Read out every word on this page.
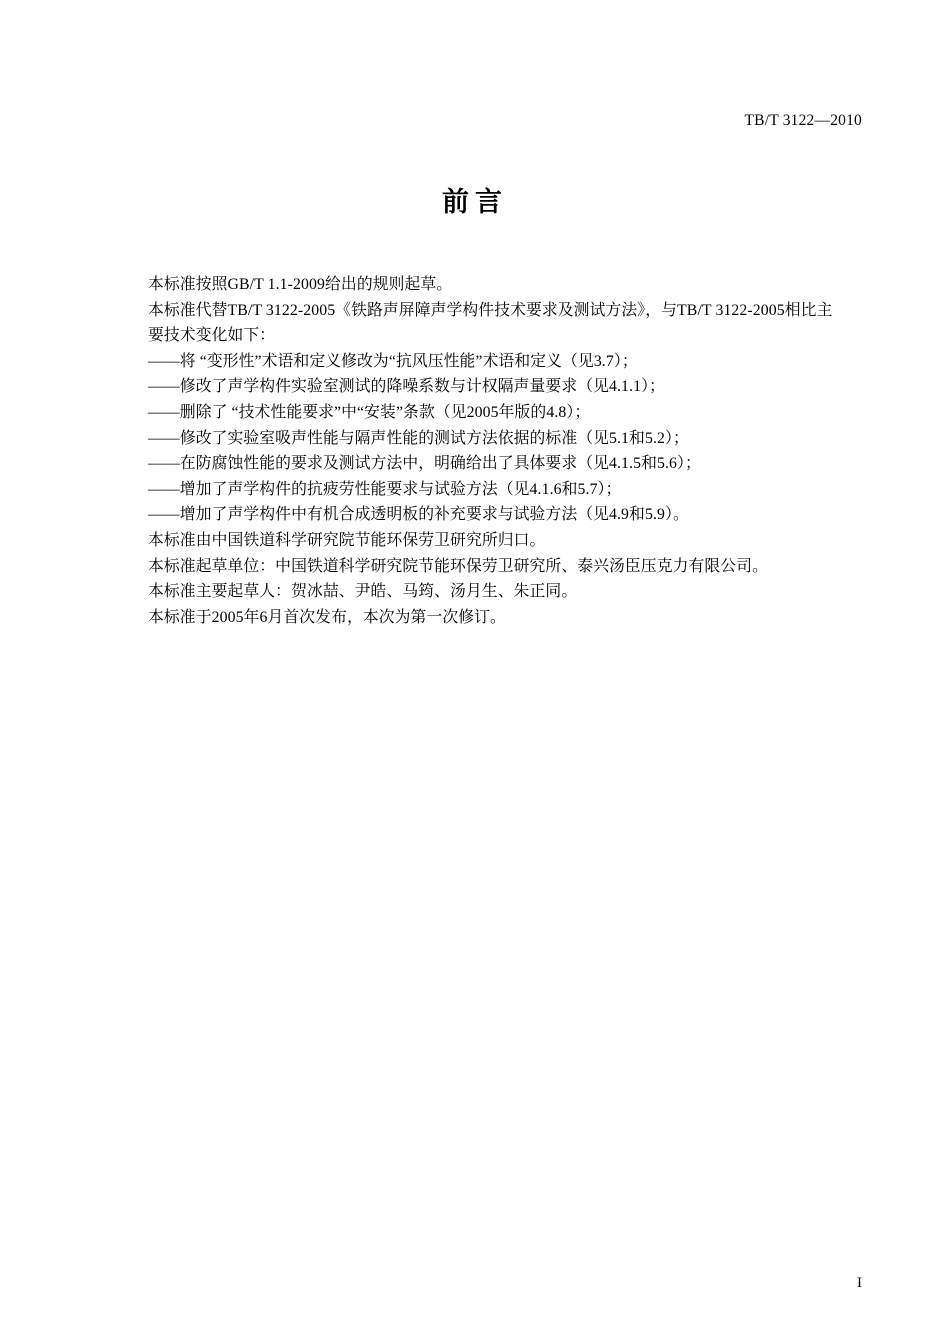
TB/T 3122—2010
前言
本标准按照GB/T 1.1-2009给出的规则起草。
本标准代替TB/T 3122-2005《铁路声屏障声学构件技术要求及测试方法》，与TB/T 3122-2005相比主要技术变化如下：
——将 “变形性”术语和定义修改为“抗风压性能”术语和定义（见3.7）；
——修改了声学构件实验室测试的降噪系数与计权隔声量要求（见4.1.1）；
——删除了 “技术性能要求”中“安装”条款（见2005年版的4.8）；
——修改了实验室吸声性能与隔声性能的测试方法依据的标准（见5.1和5.2）；
——在防腐蚀性能的要求及测试方法中，明确给出了具体要求（见4.1.5和5.6）；
——增加了声学构件的抗疲劳性能要求与试验方法（见4.1.6和5.7）；
——增加了声学构件中有机合成透明板的补充要求与试验方法（见4.9和5.9）。
本标准由中国铁道科学研究院节能环保劳卫研究所归口。
本标准起草单位：中国铁道科学研究院节能环保劳卫研究所、泰兴汤臣压克力有限公司。
本标准主要起草人：贺冰喆、尹皓、马筠、汤月生、朱正同。
本标准于2005年6月首次发布，本次为第一次修订。
I
